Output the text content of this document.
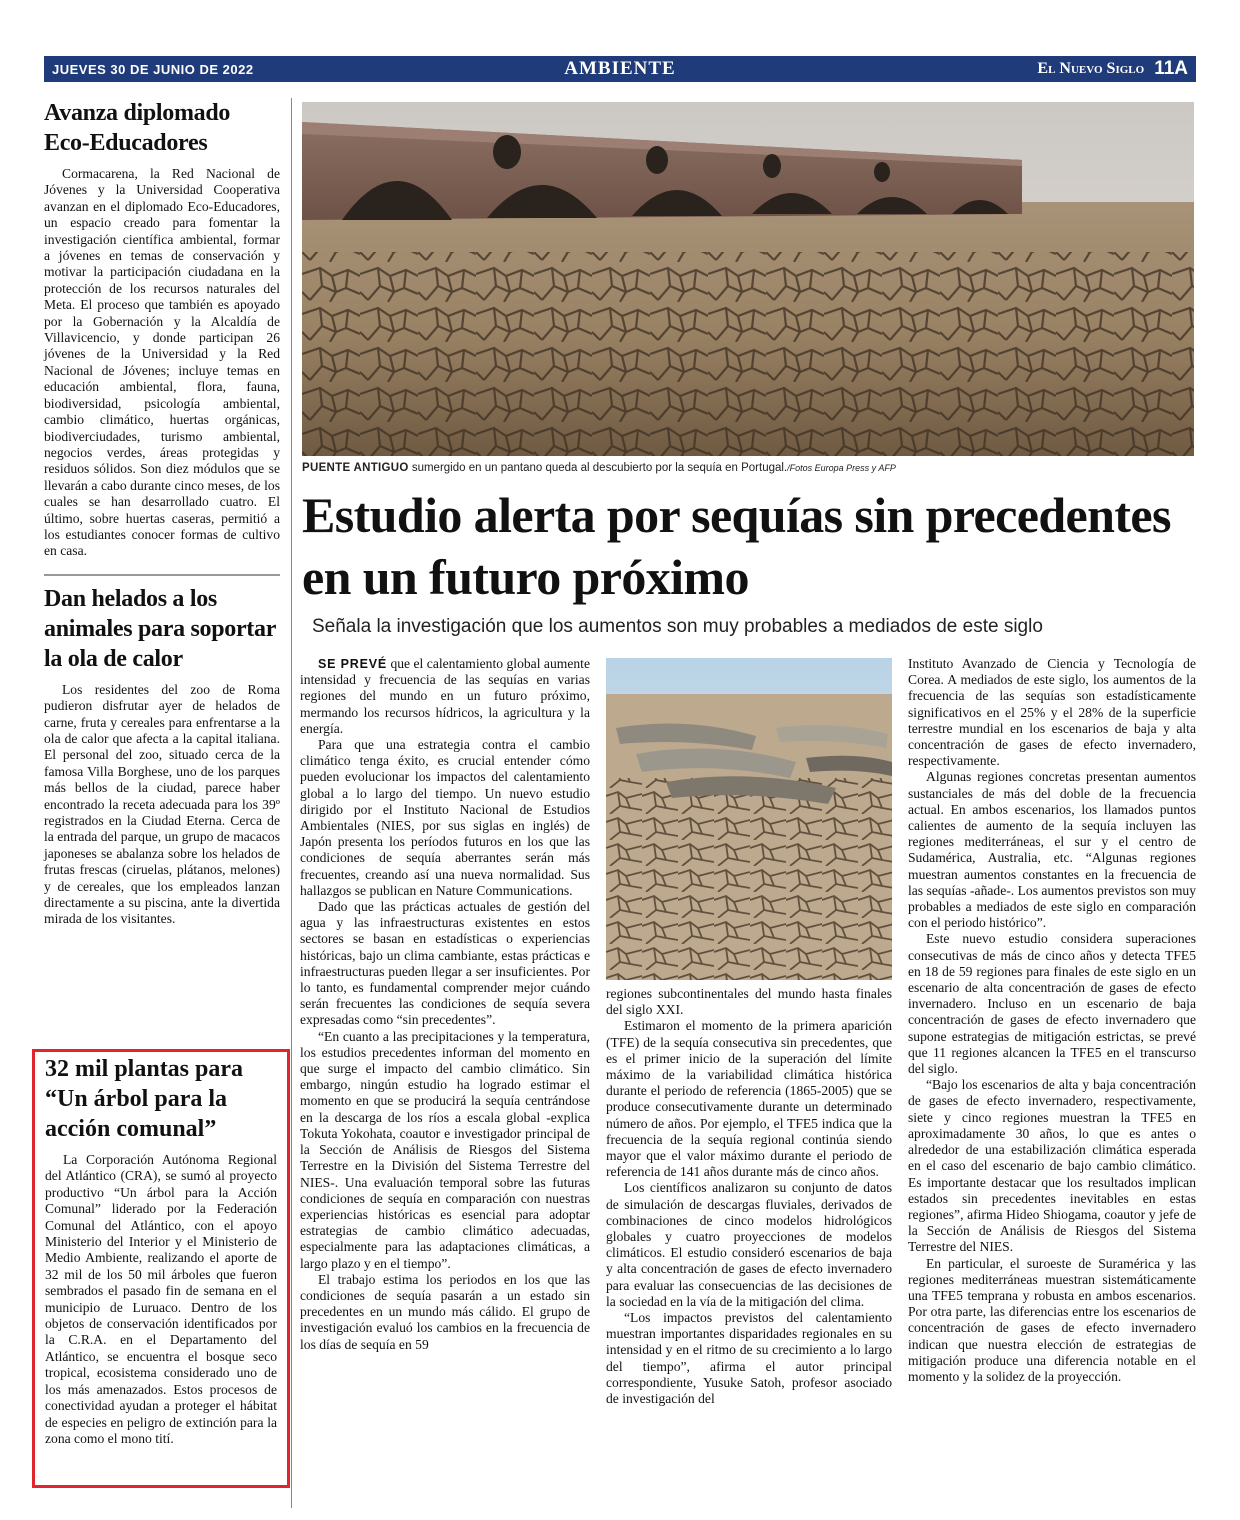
JUEVES 30 DE JUNIO DE 2022	AMBIENTE	El Nuevo Siglo 11A
Avanza diplomado Eco-Educadores

Cormacarena, la Red Nacional de Jóvenes y la Universidad Cooperativa avanzan en el diplomado Eco-Educadores, un espacio creado para fomentar la investigación científica ambiental, formar a jóvenes en temas de conservación y motivar la participación ciudadana en la protección de los recursos naturales del Meta. El proceso que también es apoyado por la Gobernación y la Alcaldía de Villavicencio, y donde participan 26 jóvenes de la Universidad y la Red Nacional de Jóvenes; incluye temas en educación ambiental, flora, fauna, biodiversidad, psicología ambiental, cambio climático, huertas orgánicas, biodiverciudades, turismo ambiental, negocios verdes, áreas protegidas y residuos sólidos. Son diez módulos que se llevarán a cabo durante cinco meses, de los cuales se han desarrollado cuatro. El último, sobre huertas caseras, permitió a los estudiantes conocer formas de cultivo en casa.

Dan helados a los animales para soportar la ola de calor

Los residentes del zoo de Roma pudieron disfrutar ayer de helados de carne, fruta y cereales para enfrentarse a la ola de calor que afecta a la capital italiana. El personal del zoo, situado cerca de la famosa Villa Borghese, uno de los parques más bellos de la ciudad, parece haber encontrado la receta adecuada para los 39º registrados en la Ciudad Eterna. Cerca de la entrada del parque, un grupo de macacos japoneses se abalanza sobre los helados de frutas frescas (ciruelas, plátanos, melones) y de cereales, que los empleados lanzan directamente a su piscina, ante la divertida mirada de los visitantes.

32 mil plantas para “Un árbol para la acción comunal”

La Corporación Autónoma Regional del Atlántico (CRA), se sumó al proyecto productivo “Un árbol para la Acción Comunal” liderado por la Federación Comunal del Atlántico, con el apoyo Ministerio del Interior y el Ministerio de Medio Ambiente, realizando el aporte de 32 mil de los 50 mil árboles que fueron sembrados el pasado fin de semana en el municipio de Luruaco. Dentro de los objetos de conservación identificados por la C.R.A. en el Departamento del Atlántico, se encuentra el bosque seco tropical, ecosistema considerado uno de los más amenazados. Estos procesos de conectividad ayudan a proteger el hábitat de especies en peligro de extinción para la zona como el mono tití.

PUENTE ANTIGUO sumergido en un pantano queda al descubierto por la sequía en Portugal./Fotos Europa Press y AFP
Estudio alerta por sequías sin precedentes en un futuro próximo
Señala la investigación que los aumentos son muy probables a mediados de este siglo

SE PREVÉ que el calentamiento global aumente intensidad y frecuencia de las sequías en varias regiones del mundo en un futuro próximo, mermando los recursos hídricos, la agricultura y la energía.

Para que una estrategia contra el cambio climático tenga éxito, es crucial entender cómo pueden evolucionar los impactos del calentamiento global a lo largo del tiempo. Un nuevo estudio dirigido por el Instituto Nacional de Estudios Ambientales (NIES, por sus siglas en inglés) de Japón presenta los períodos futuros en los que las condiciones de sequía aberrantes serán más frecuentes, creando así una nueva normalidad. Sus hallazgos se publican en Nature Communications.

Dado que las prácticas actuales de gestión del agua y las infraestructuras existentes en estos sectores se basan en estadísticas o experiencias históricas, bajo un clima cambiante, estas prácticas e infraestructuras pueden llegar a ser insuficientes. Por lo tanto, es fundamental comprender mejor cuándo serán frecuentes las condiciones de sequía severa expresadas como “sin precedentes”.

“En cuanto a las precipitaciones y la temperatura, los estudios precedentes informan del momento en que surge el impacto del cambio climático. Sin embargo, ningún estudio ha logrado estimar el momento en que se producirá la sequía centrándose en la descarga de los ríos a escala global -explica Tokuta Yokohata, coautor e investigador principal de la Sección de Análisis de Riesgos del Sistema Terrestre en la División del Sistema Terrestre del NIES-. Una evaluación temporal sobre las futuras condiciones de sequía en comparación con nuestras experiencias históricas es esencial para adoptar estrategias de cambio climático adecuadas, especialmente para las adaptaciones climáticas, a largo plazo y en el tiempo”.

El trabajo estima los periodos en los que las condiciones de sequía pasarán a un estado sin precedentes en un mundo más cálido. El grupo de investigación evaluó los cambios en la frecuencia de los días de sequía en 59

regiones subcontinentales del mundo hasta finales del siglo XXI.

Estimaron el momento de la primera aparición (TFE) de la sequía consecutiva sin precedentes, que es el primer inicio de la superación del límite máximo de la variabilidad climática histórica durante el periodo de referencia (1865-2005) que se produce consecutivamente durante un determinado número de años. Por ejemplo, el TFE5 indica que la frecuencia de la sequía regional continúa siendo mayor que el valor máximo durante el periodo de referencia de 141 años durante más de cinco años.

Los científicos analizaron su conjunto de datos de simulación de descargas fluviales, derivados de combinaciones de cinco modelos hidrológicos globales y cuatro proyecciones de modelos climáticos. El estudio consideró escenarios de baja y alta concentración de gases de efecto invernadero para evaluar las consecuencias de las decisiones de la sociedad en la vía de la mitigación del clima.

“Los impactos previstos del calentamiento muestran importantes disparidades regionales en su intensidad y en el ritmo de su crecimiento a lo largo del tiempo”, afirma el autor principal correspondiente, Yusuke Satoh, profesor asociado de investigación del

Instituto Avanzado de Ciencia y Tecnología de Corea. A mediados de este siglo, los aumentos de la frecuencia de las sequías son estadísticamente significativos en el 25% y el 28% de la superficie terrestre mundial en los escenarios de baja y alta concentración de gases de efecto invernadero, respectivamente.

Algunas regiones concretas presentan aumentos sustanciales de más del doble de la frecuencia actual. En ambos escenarios, los llamados puntos calientes de aumento de la sequía incluyen las regiones mediterráneas, el sur y el centro de Sudamérica, Australia, etc. “Algunas regiones muestran aumentos constantes en la frecuencia de las sequías -añade-. Los aumentos previstos son muy probables a mediados de este siglo en comparación con el periodo histórico”.

Este nuevo estudio considera superaciones consecutivas de más de cinco años y detecta TFE5 en 18 de 59 regiones para finales de este siglo en un escenario de alta concentración de gases de efecto invernadero. Incluso en un escenario de baja concentración de gases de efecto invernadero que supone estrategias de mitigación estrictas, se prevé que 11 regiones alcancen la TFE5 en el transcurso del siglo.

“Bajo los escenarios de alta y baja concentración de gases de efecto invernadero, respectivamente, siete y cinco regiones muestran la TFE5 en aproximadamente 30 años, lo que es antes o alrededor de una estabilización climática esperada en el caso del escenario de bajo cambio climático. Es importante destacar que los resultados implican estados sin precedentes inevitables en estas regiones”, afirma Hideo Shiogama, coautor y jefe de la Sección de Análisis de Riesgos del Sistema Terrestre del NIES.

En particular, el suroeste de Suramérica y las regiones mediterráneas muestran sistemáticamente una TFE5 temprana y robusta en ambos escenarios. Por otra parte, las diferencias entre los escenarios de concentración de gases de efecto invernadero indican que nuestra elección de estrategias de mitigación produce una diferencia notable en el momento y la solidez de la proyección.
